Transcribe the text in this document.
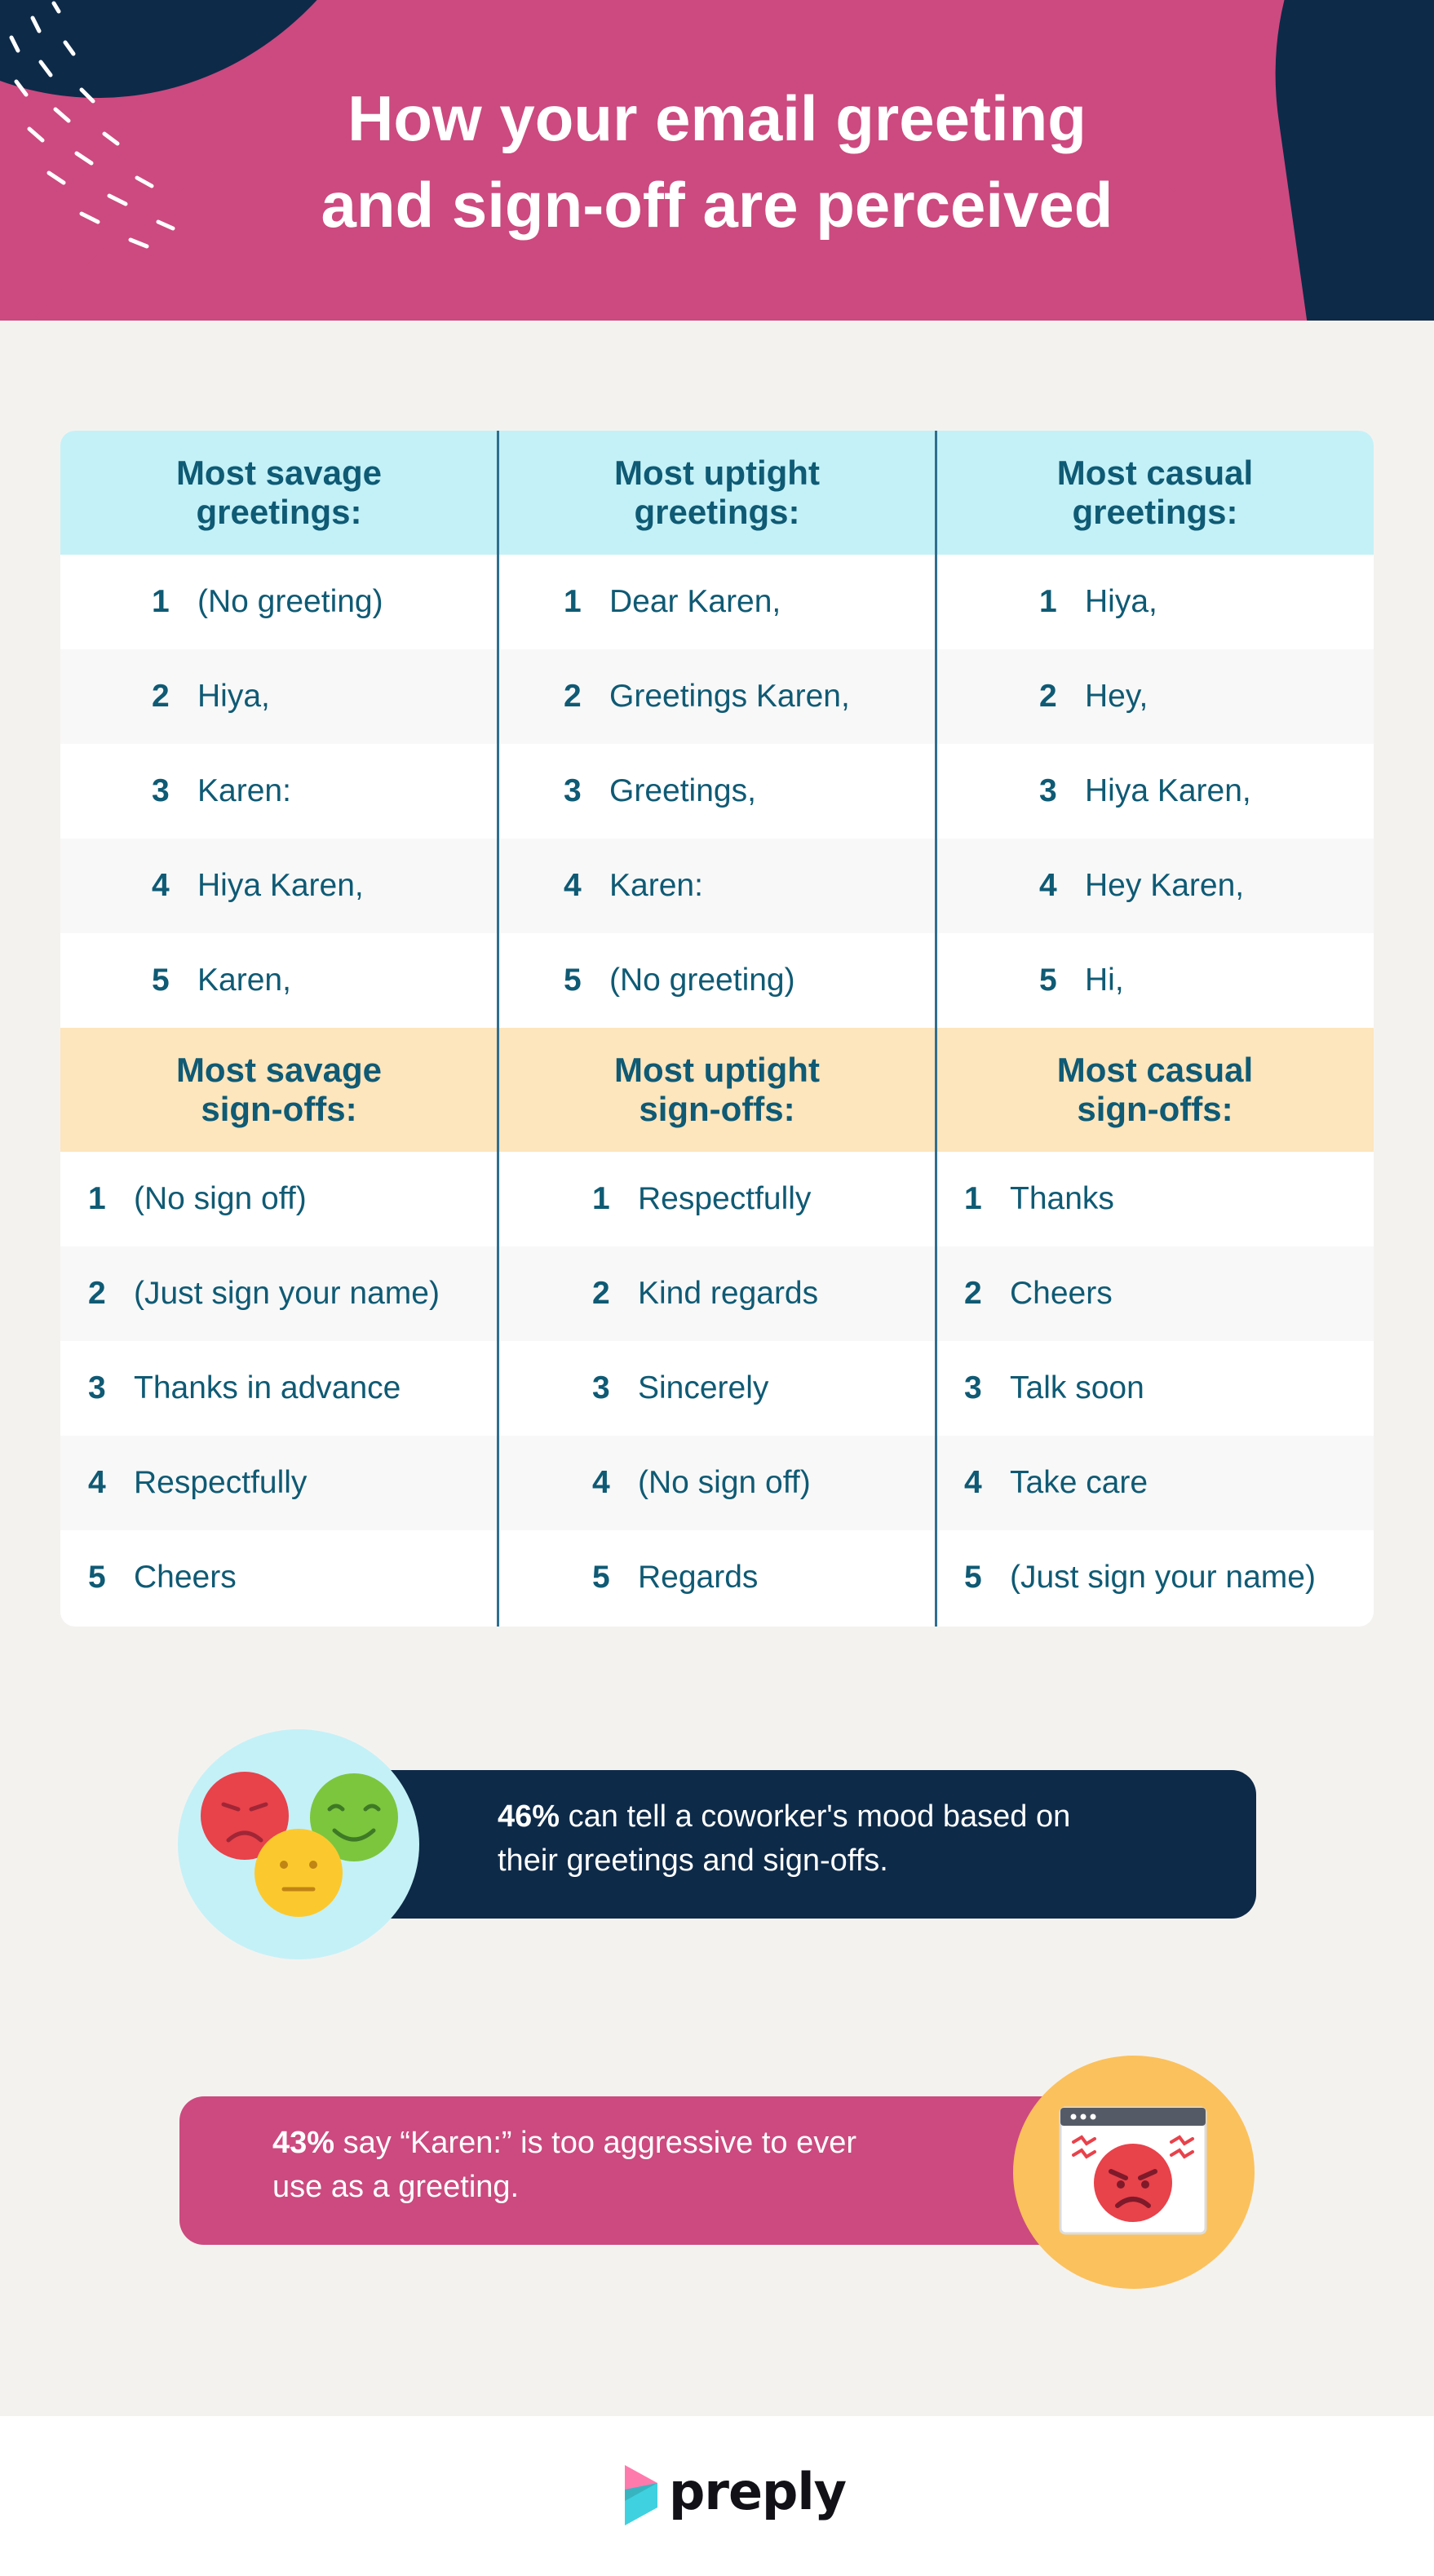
How your email greeting
and sign-off are perceived
Most savage
greetings:
Most uptight
greetings:
Most casual
greetings:
1 (No greeting)
2 Hiya,
3 Karen:
4 Hiya Karen,
5 Karen,
1 Dear Karen,
2 Greetings Karen,
3 Greetings,
4 Karen:
5 (No greeting)
1 Hiya,
2 Hey,
3 Hiya Karen,
4 Hey Karen,
5 Hi,
Most savage
sign-offs:
Most uptight
sign-offs:
Most casual
sign-offs:
1 (No sign off)
2 (Just sign your name)
3 Thanks in advance
4 Respectfully
5 Cheers
1 Respectfully
2 Kind regards
3 Sincerely
4 (No sign off)
5 Regards
1 Thanks
2 Cheers
3 Talk soon
4 Take care
5 (Just sign your name)
46% can tell a coworker's mood based on
their greetings and sign-offs.
43% say “Karen:” is too aggressive to ever
use as a greeting.
preply
